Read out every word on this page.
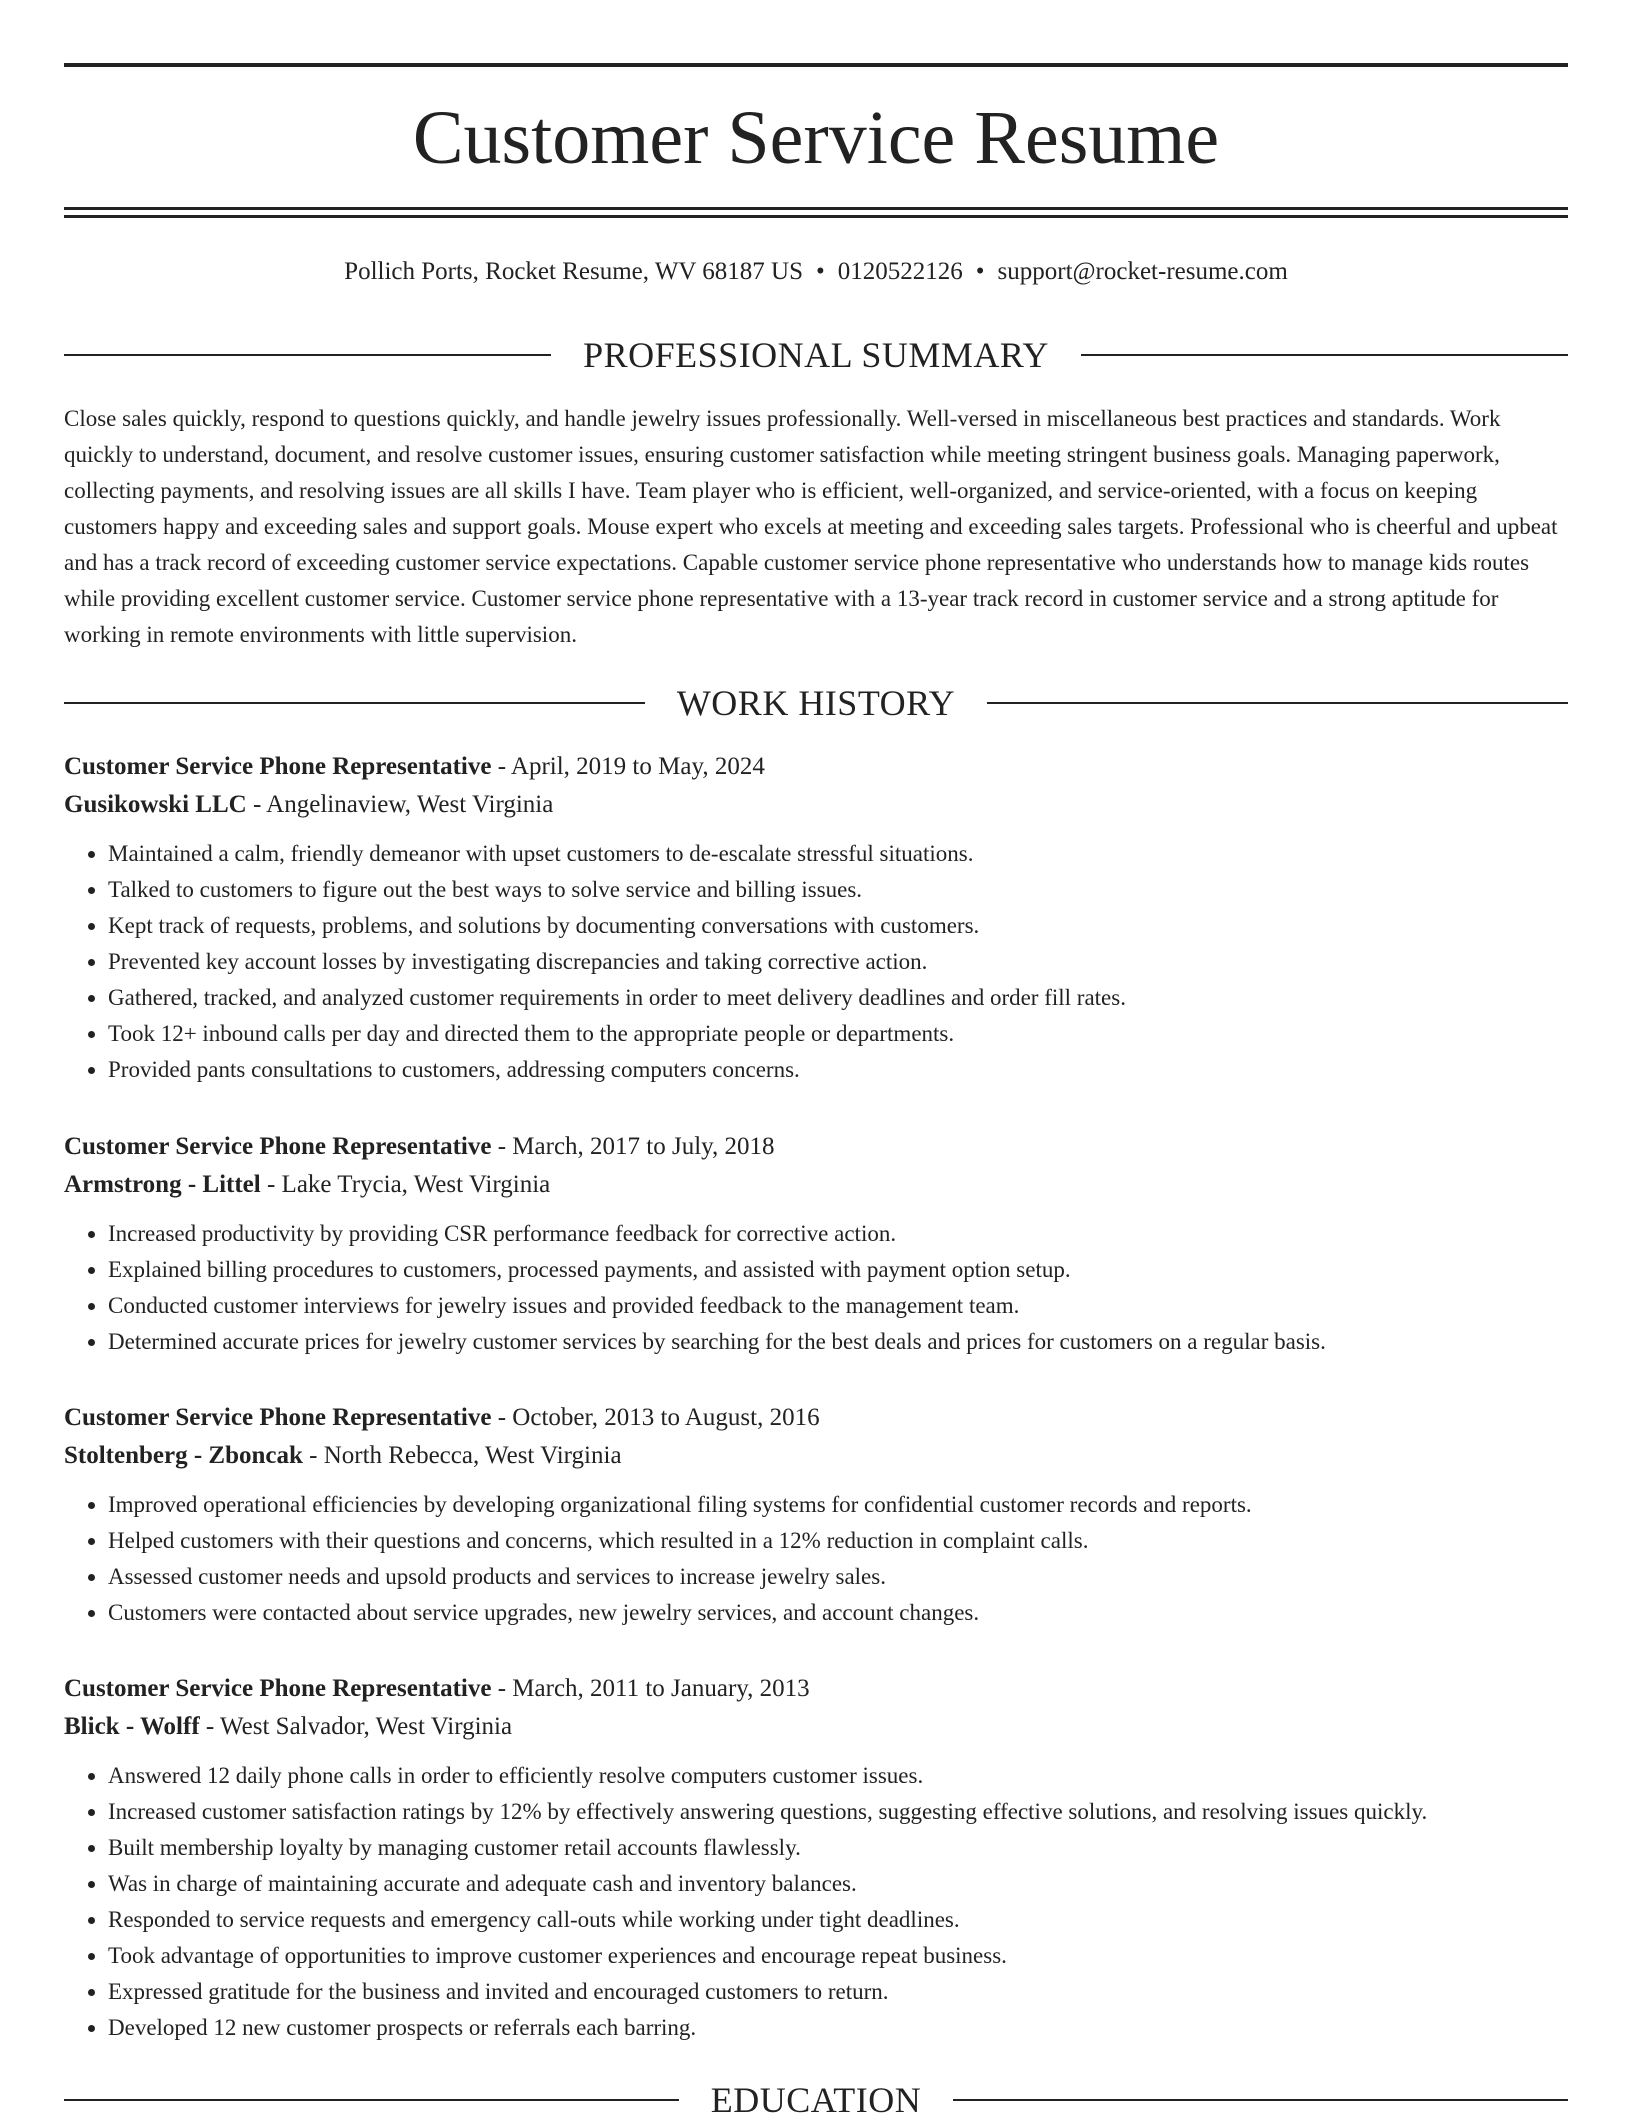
Customer Service Resume
Pollich Ports, Rocket Resume, WV 68187 US • 0120522126 • support@rocket-resume.com
PROFESSIONAL SUMMARY

Close sales quickly, respond to questions quickly, and handle jewelry issues professionally. Well-versed in miscellaneous best practices and standards. Work quickly to understand, document, and resolve customer issues, ensuring customer satisfaction while meeting stringent business goals. Managing paperwork, collecting payments, and resolving issues are all skills I have. Team player who is efficient, well-organized, and service-oriented, with a focus on keeping customers happy and exceeding sales and support goals. Mouse expert who excels at meeting and exceeding sales targets. Professional who is cheerful and upbeat and has a track record of exceeding customer service expectations. Capable customer service phone representative who understands how to manage kids routes while providing excellent customer service. Customer service phone representative with a 13-year track record in customer service and a strong aptitude for working in remote environments with little supervision.

WORK HISTORY

Customer Service Phone Representative - April, 2019 to May, 2024

Gusikowski LLC - Angelinaview, West Virginia

• Maintained a calm, friendly demeanor with upset customers to de-escalate stressful situations.
• Talked to customers to figure out the best ways to solve service and billing issues.
• Kept track of requests, problems, and solutions by documenting conversations with customers.
• Prevented key account losses by investigating discrepancies and taking corrective action.
• Gathered, tracked, and analyzed customer requirements in order to meet delivery deadlines and order fill rates.
• Took 12+ inbound calls per day and directed them to the appropriate people or departments.
• Provided pants consultations to customers, addressing computers concerns.

Customer Service Phone Representative - March, 2017 to July, 2018

Armstrong - Littel - Lake Trycia, West Virginia

• Increased productivity by providing CSR performance feedback for corrective action.
• Explained billing procedures to customers, processed payments, and assisted with payment option setup.
• Conducted customer interviews for jewelry issues and provided feedback to the management team.
• Determined accurate prices for jewelry customer services by searching for the best deals and prices for customers on a regular basis.

Customer Service Phone Representative - October, 2013 to August, 2016

Stoltenberg - Zboncak - North Rebecca, West Virginia

• Improved operational efficiencies by developing organizational filing systems for confidential customer records and reports.
• Helped customers with their questions and concerns, which resulted in a 12% reduction in complaint calls.
• Assessed customer needs and upsold products and services to increase jewelry sales.
• Customers were contacted about service upgrades, new jewelry services, and account changes.

Customer Service Phone Representative - March, 2011 to January, 2013

Blick - Wolff - West Salvador, West Virginia

• Answered 12 daily phone calls in order to efficiently resolve computers customer issues.
• Increased customer satisfaction ratings by 12% by effectively answering questions, suggesting effective solutions, and resolving issues quickly.
• Built membership loyalty by managing customer retail accounts flawlessly.
• Was in charge of maintaining accurate and adequate cash and inventory balances.
• Responded to service requests and emergency call-outs while working under tight deadlines.
• Took advantage of opportunities to improve customer experiences and encourage repeat business.
• Expressed gratitude for the business and invited and encouraged customers to return.
• Developed 12 new customer prospects or referrals each barring.
EDUCATION
